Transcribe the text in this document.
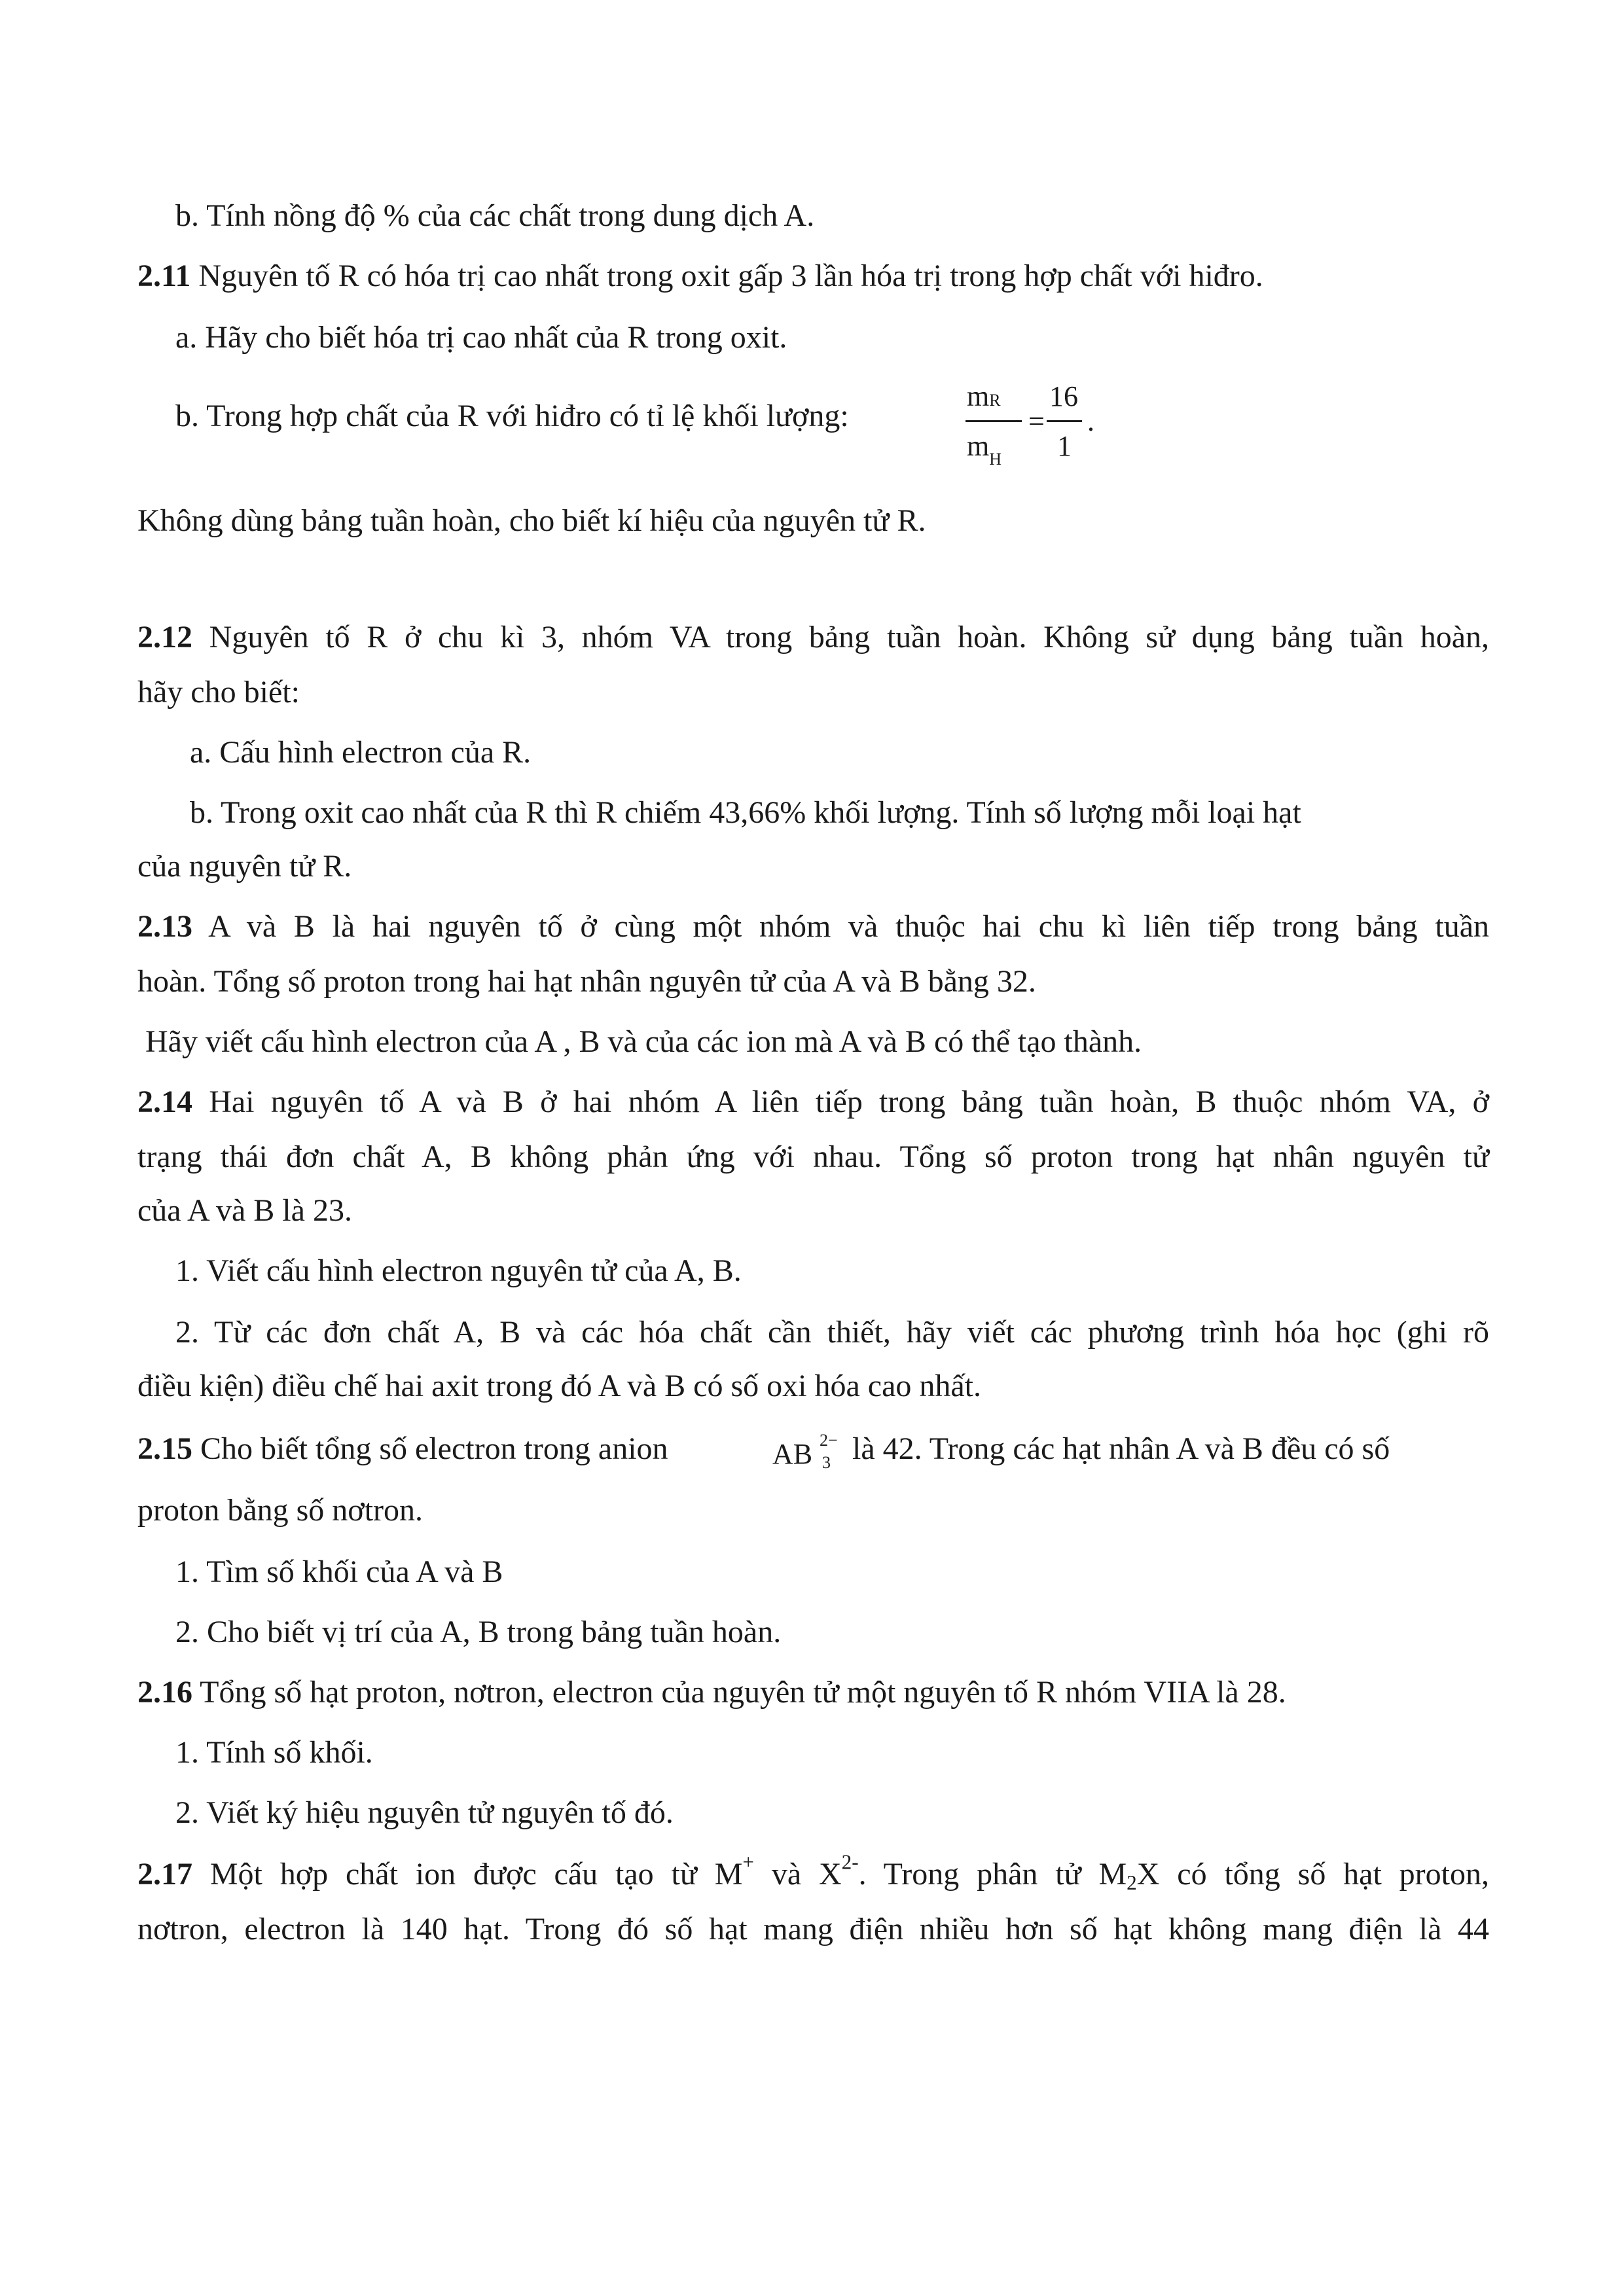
b. Tính nồng độ % của các chất trong dung dịch A.
2.11 Nguyên tố R có hóa trị cao nhất trong oxit gấp 3 lần hóa trị trong hợp chất với hiđro.
a. Hãy cho biết hóa trị cao nhất của R trong oxit.
b. Trong hợp chất của R với hiđro có tỉ lệ khối lượng:
mR
$m_H$
=
16
1
.
Không dùng bảng tuần hoàn, cho biết kí hiệu của nguyên tử R.
2.12 Nguyên tố R ở chu kì 3, nhóm VA trong bảng tuần hoàn. Không sử dụng bảng tuần hoàn,
hãy cho biết:
a. Cấu hình electron của R.
b. Trong oxit cao nhất của R thì R chiếm 43,66% khối lượng. Tính số lượng mỗi loại hạt
của nguyên tử R.
2.13 A và B là hai nguyên tố ở cùng một nhóm và thuộc hai chu kì liên tiếp trong bảng tuần
hoàn. Tổng số proton trong hai hạt nhân nguyên tử của A và B bằng 32.
Hãy viết cấu hình electron của A , B và của các ion mà A và B có thể tạo thành.
2.14 Hai nguyên tố A và B ở hai nhóm A liên tiếp trong bảng tuần hoàn, B thuộc nhóm VA, ở
trạng thái đơn chất A, B không phản ứng với nhau. Tổng số proton trong hạt nhân nguyên tử
của A và B là 23.
1. Viết cấu hình electron nguyên tử của A, B.
2. Từ các đơn chất A, B và các hóa chất cần thiết, hãy viết các phương trình hóa học (ghi rõ
điều kiện) điều chế hai axit trong đó A và B có số oxi hóa cao nhất.
2.15 Cho biết tổng số electron trong anion	AB 2−
3 là 42. Trong các hạt nhân A và B đều có số
proton bằng số nơtron.
1. Tìm số khối của A và B
2. Cho biết vị trí của A, B trong bảng tuần hoàn.
2.16 Tổng số hạt proton, nơtron, electron của nguyên tử một nguyên tố R nhóm VIIA là 28.
1. Tính số khối.
2. Viết ký hiệu nguyên tử nguyên tố đó.
2.17 Một hợp chất ion được cấu tạo từ M+ và $X^{2-}$. Trong phân tử $M_2X$ có tổng số hạt proton,
nơtron, electron là 140 hạt. Trong đó số hạt mang điện nhiều hơn số hạt không mang điện là 44
